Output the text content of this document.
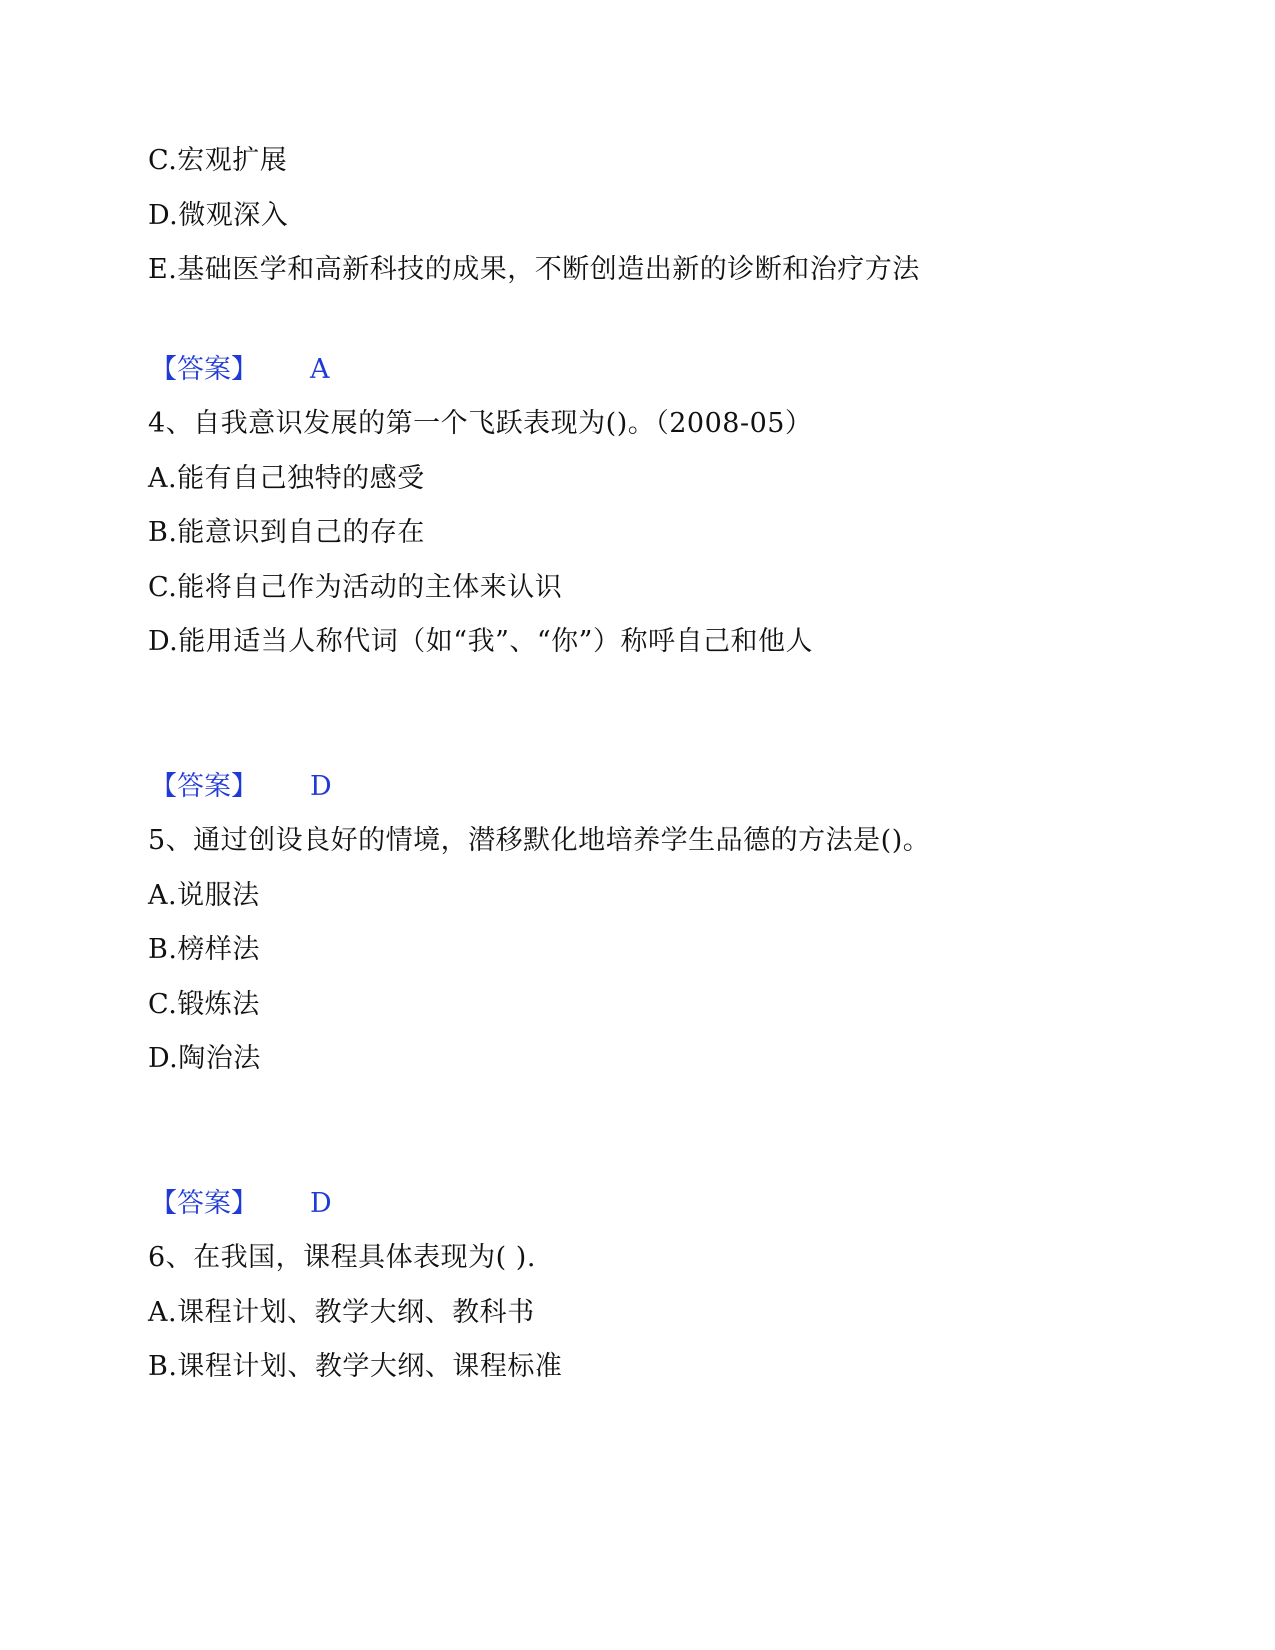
C.宏观扩展
D.微观深入
E.基础医学和高新科技的成果，不断创造出新的诊断和治疗方法
【答案】 A
4、自我意识发展的第一个飞跃表现为()。（2008-05）
A.能有自己独特的感受
B.能意识到自己的存在
C.能将自己作为活动的主体来认识
D.能用适当人称代词（如“我”、“你”）称呼自己和他人
【答案】 D
5、通过创设良好的情境，潜移默化地培养学生品德的方法是()。
A.说服法
B.榜样法
C.锻炼法
D.陶治法
【答案】 D
6、在我国，课程具体表现为( ).
A.课程计划、教学大纲、教科书
B.课程计划、教学大纲、课程标准
